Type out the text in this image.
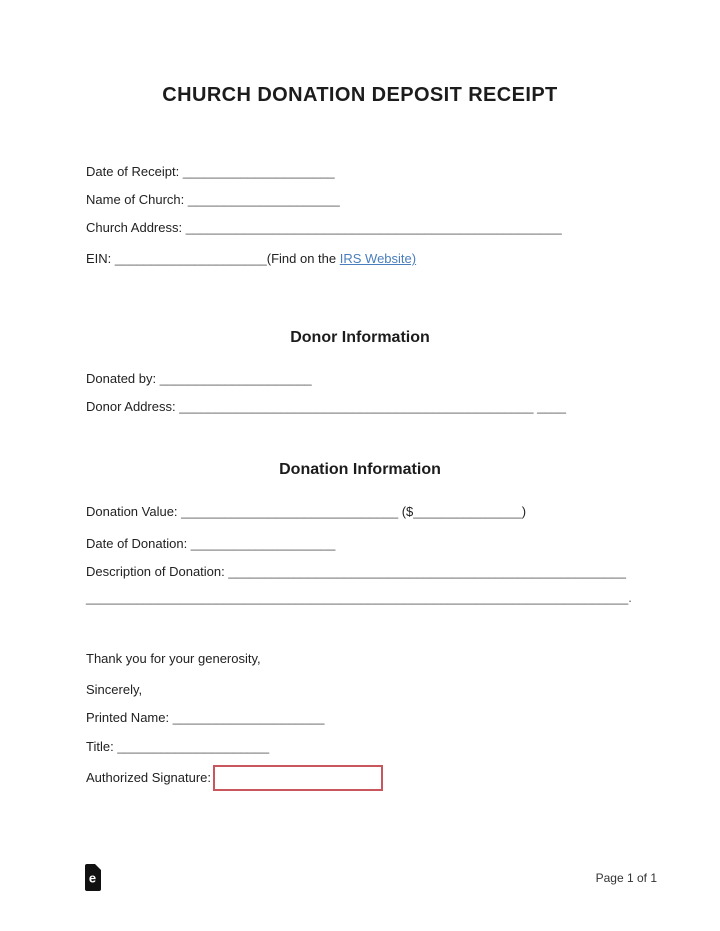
CHURCH DONATION DEPOSIT RECEIPT
Date of Receipt: _____________________
Name of Church: _____________________
Church Address: ____________________________________________________
EIN: _____________________(Find on the IRS Website)
Donor Information
Donated by: _____________________
Donor Address: _________________________________________________ ____
Donation Information
Donation Value: ______________________________ ($_______________)
Date of Donation: ____________________
Description of Donation: _______________________________________________________
___________________________________________________________________________.
Thank you for your generosity,
Sincerely,
Printed Name: _____________________
Title: _____________________
Authorized Signature:
e	Page 1 of 1
